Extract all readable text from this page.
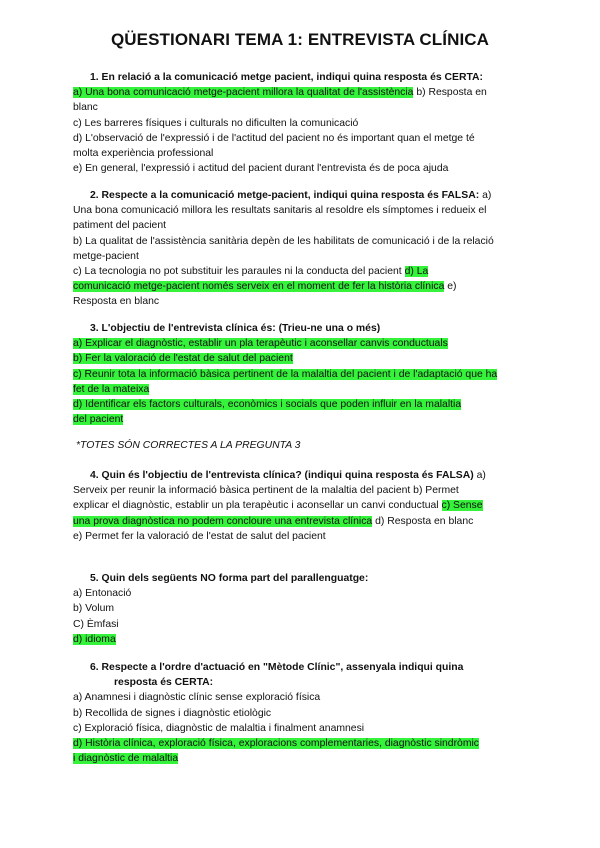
QÜESTIONARI TEMA 1: ENTREVISTA CLÍNICA
1. En relació a la comunicació metge pacient, indiqui quina resposta és CERTA:
a) Una bona comunicació metge-pacient millora la qualitat de l'assistència b) Resposta en
blanc
c) Les barreres físiques i culturals no dificulten la comunicació
d) L'observació de l'expressió i de l'actitud del pacient no és important quan el metge té
molta experiència professional
e) En general, l'expressió i actitud del pacient durant l'entrevista és de poca ajuda
2. Respecte a la comunicació metge-pacient, indiqui quina resposta és FALSA: a)
Una bona comunicació millora les resultats sanitaris al resoldre els símptomes i redueix el
patiment del pacient
b) La qualitat de l'assistència sanitària depèn de les habilitats de comunicació i de la relació
metge-pacient
c) La tecnologia no pot substituir les paraules ni la conducta del pacient d) La
comunicació metge-pacient només serveix en el moment de fer la història clínica e)
Resposta en blanc
3. L'objectiu de l'entrevista clínica és: (Trieu-ne una o més)
a) Explicar el diagnòstic, establir un pla terapèutic i aconsellar canvis conductuals
b) Fer la valoració de l'estat de salut del pacient
c) Reunir tota la informació bàsica pertinent de la malaltia del pacient i de l'adaptació que ha
fet de la mateixa
d) Identificar els factors culturals, econòmics i socials que poden influir en la malaltia
del pacient
*TOTES SÓN CORRECTES A LA PREGUNTA 3
4. Quin és l'objectiu de l'entrevista clínica? (indiqui quina resposta és FALSA) a)
Serveix per reunir la informació bàsica pertinent de la malaltia del pacient b) Permet
explicar el diagnòstic, establir un pla terapèutic i aconsellar un canvi conductual c) Sense
una prova diagnòstica no podem concloure una entrevista clínica d) Resposta en blanc
e) Permet fer la valoració de l'estat de salut del pacient
5. Quin dels següents NO forma part del parallenguatge:
a) Entonació
b) Volum
C) Èmfasi
d) idioma
6. Respecte a l'ordre d'actuació en "Mètode Clínic", assenyala indiqui quina
resposta és CERTA:
a) Anamnesi i diagnòstic clínic sense exploració física
b) Recollida de signes i diagnòstic etiològic
c) Exploració física, diagnòstic de malaltia i finalment anamnesi
d) Història clínica, exploració física, exploracions complementaries, diagnòstic sindròmic
i diagnòstic de malaltia
